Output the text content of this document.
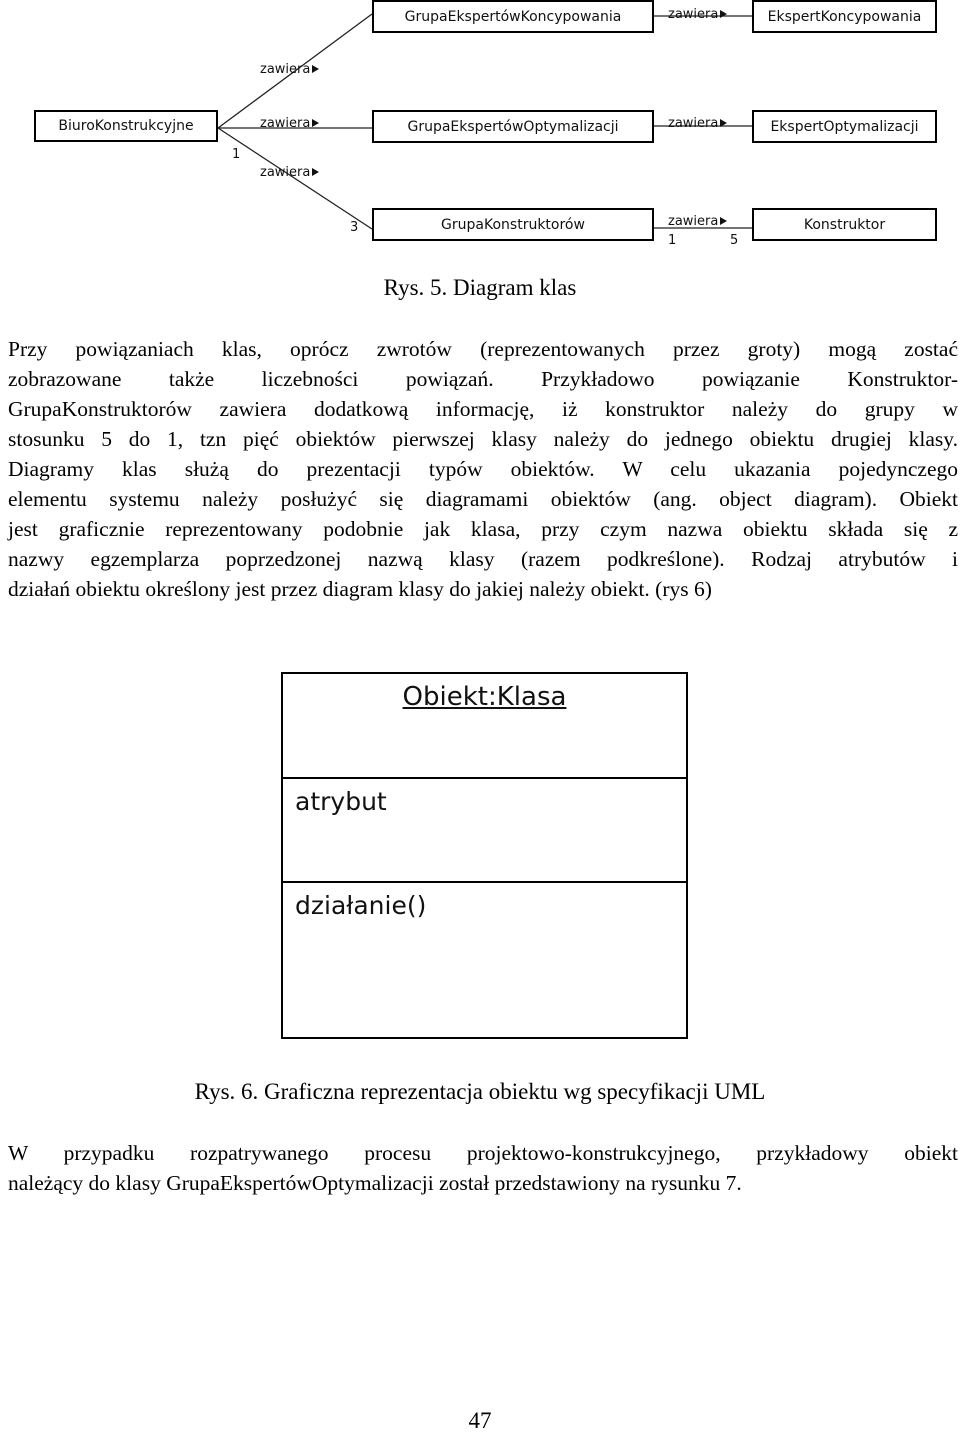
BiuroKonstrukcyjne
GrupaEkspertówKoncypowania	EkspertKoncypowania
GrupaEkspertówOptymalizacji	EkspertOptymalizacji
GrupaKonstruktorów	Konstruktor
zawiera
zawiera
zawiera
zawiera
zawiera
zawiera
1
3
1	5
Rys. 5. Diagram klas
Przy powiązaniach klas, oprócz zwrotów (reprezentowanych przez groty) mogą zostać
zobrazowane także liczebności powiązań. Przykładowo powiązanie Konstruktor-
GrupaKonstruktorów zawiera dodatkową informację, iż konstruktor należy do grupy w
stosunku 5 do 1, tzn pięć obiektów pierwszej klasy należy do jednego obiektu drugiej klasy.
Diagramy klas służą do prezentacji typów obiektów. W celu ukazania pojedynczego
elementu systemu należy posłużyć się diagramami obiektów (ang. object diagram). Obiekt
jest graficznie reprezentowany podobnie jak klasa, przy czym nazwa obiektu składa się z
nazwy egzemplarza poprzedzonej nazwą klasy (razem podkreślone). Rodzaj atrybutów i
działań obiektu określony jest przez diagram klasy do jakiej należy obiekt. (rys 6)
Obiekt:Klasa
atrybut
działanie()
Rys. 6. Graficzna reprezentacja obiektu wg specyfikacji UML
W przypadku rozpatrywanego procesu projektowo-konstrukcyjnego, przykładowy obiekt
należący do klasy GrupaEkspertówOptymalizacji został przedstawiony na rysunku 7.
47
